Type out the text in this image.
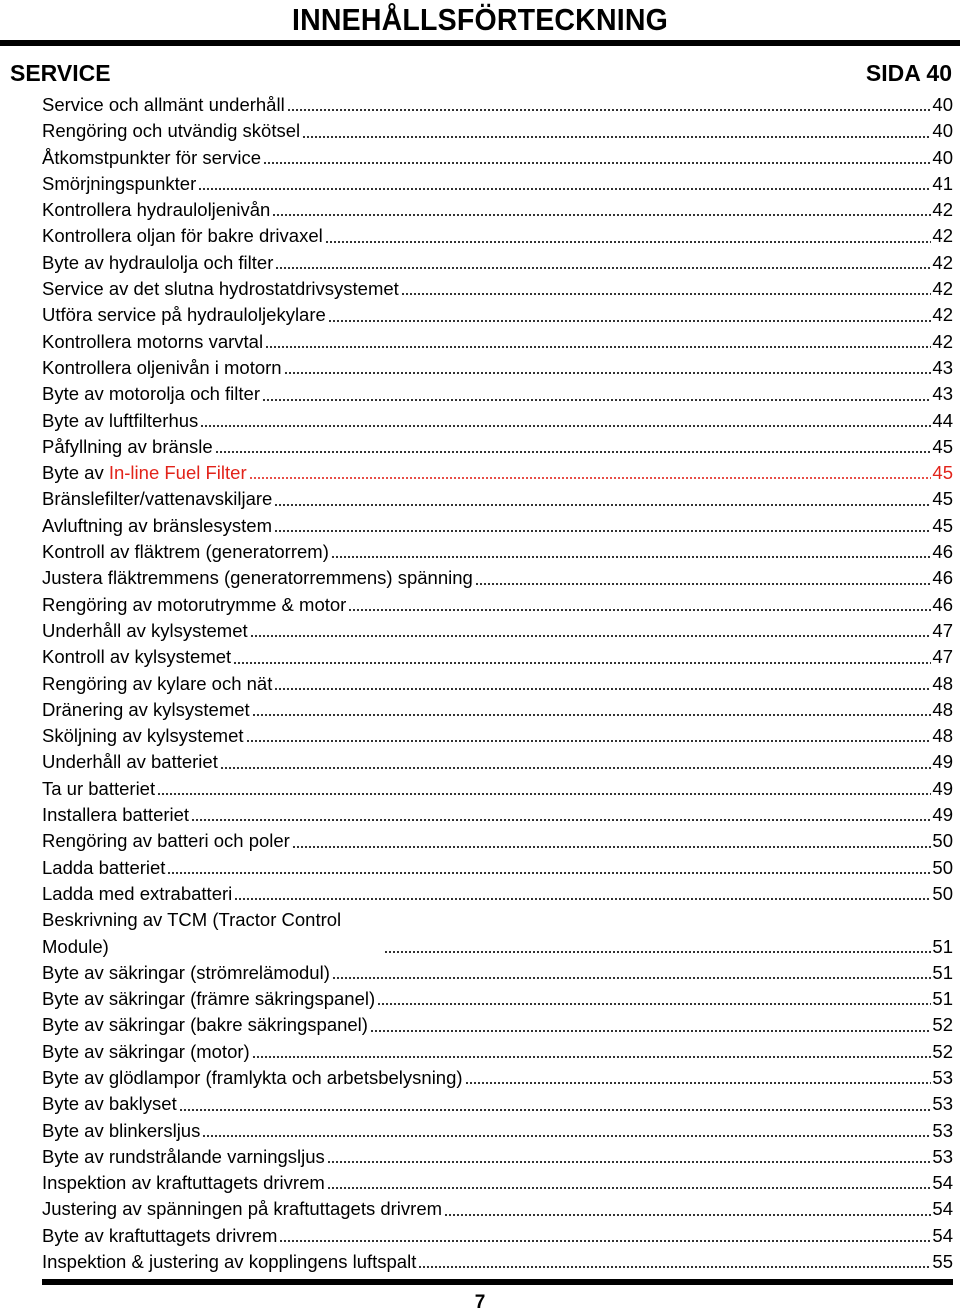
INNEHÅLLSFÖRTECKNING
SERVICE	SIDA 40
Service och allmänt underhåll	40
Rengöring och utvändig skötsel	40
Åtkomstpunkter för service	40
Smörjningspunkter	41
Kontrollera hydrauloljenivån	42
Kontrollera oljan för bakre drivaxel	42
Byte av hydraulolja och filter	42
Service av det slutna hydrostatdrivsystemet	42
Utföra service på hydrauloljekylare	42
Kontrollera motorns varvtal	42
Kontrollera oljenivån i motorn	43
Byte av motorolja och filter	43
Byte av luftfilterhus	44
Påfyllning av bränsle	45
Byte av In-line Fuel Filter	45
Bränslefilter/vattenavskiljare	45
Avluftning av bränslesystem	45
Kontroll av fläktrem (generatorrem)	46
Justera fläktremmens (generatorremmens) spänning	46
Rengöring av motorutrymme & motor	46
Underhåll av kylsystemet	47
Kontroll av kylsystemet	47
Rengöring av kylare och nät	48
Dränering av kylsystemet	48
Sköljning av kylsystemet	48
Underhåll av batteriet	49
Ta ur batteriet	49
Installera batteriet	49
Rengöring av batteri och poler	50
Ladda batteriet	50
Ladda med extrabatteri	50
Beskrivning av TCM (Tractor Control Module)	51
Byte av säkringar (strömrelämodul)	51
Byte av säkringar (främre säkringspanel)	51
Byte av säkringar (bakre säkringspanel)	52
Byte av säkringar (motor)	52
Byte av glödlampor (framlykta och arbetsbelysning)	53
Byte av baklyset	53
Byte av blinkersljus	53
Byte av rundstrålande varningsljus	53
Inspektion av kraftuttagets drivrem	54
Justering av spänningen på kraftuttagets drivrem	54
Byte av kraftuttagets drivrem	54
Inspektion & justering av kopplingens luftspalt	55
7
